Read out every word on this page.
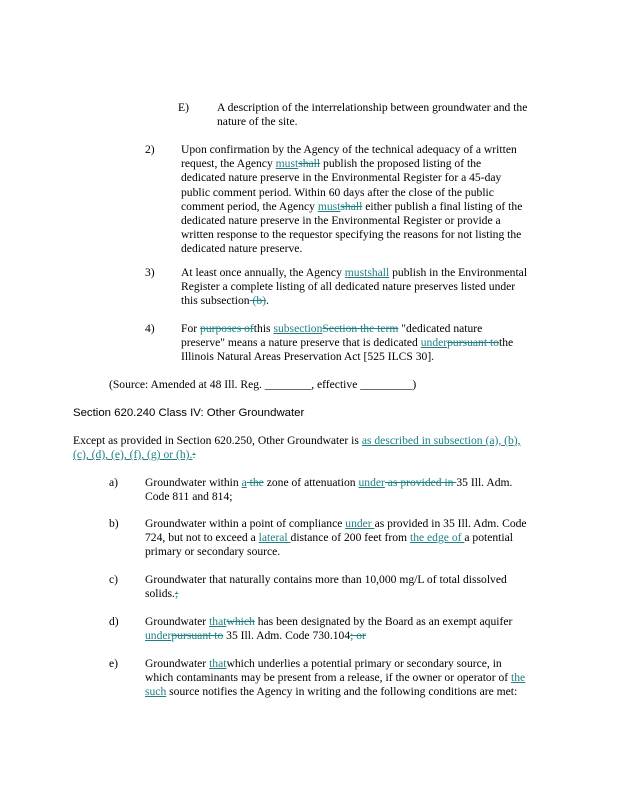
E) A description of the interrelationship between groundwater and the
nature of the site.
2) Upon confirmation by the Agency of the technical adequacy of a written
request, the Agency mustshall publish the proposed listing of the
dedicated nature preserve in the Environmental Register for a 45-day
public comment period. Within 60 days after the close of the public
comment period, the Agency mustshall either publish a final listing of the
dedicated nature preserve in the Environmental Register or provide a
written response to the requestor specifying the reasons for not listing the
dedicated nature preserve.
3) At least once annually, the Agency mustshall publish in the Environmental
Register a complete listing of all dedicated nature preserves listed under
this subsection (b).
4) For purposes ofthis subsectionSection the term "dedicated nature
preserve" means a nature preserve that is dedicated underpursuant tothe
Illinois Natural Areas Preservation Act [525 ILCS 30].
(Source: Amended at 48 Ill. Reg. ________, effective _________)
Section 620.240 Class IV: Other Groundwater
Except as provided in Section 620.250, Other Groundwater is as described in subsection (a), (b),
(c), (d), (e), (f), (g) or (h).:
a) Groundwater within a the zone of attenuation under as provided in 35 Ill. Adm.
Code 811 and 814;
b) Groundwater within a point of compliance under as provided in 35 Ill. Adm. Code
724, but not to exceed a lateral distance of 200 feet from the edge of a potential
primary or secondary source.
c) Groundwater that naturally contains more than 10,000 mg/L of total dissolved
solids.;
d) Groundwater thatwhich has been designated by the Board as an exempt aquifer
underpursuant to 35 Ill. Adm. Code 730.104; or
e) Groundwater thatwhich underlies a potential primary or secondary source, in
which contaminants may be present from a release, if the owner or operator of the
such source notifies the Agency in writing and the following conditions are met:
